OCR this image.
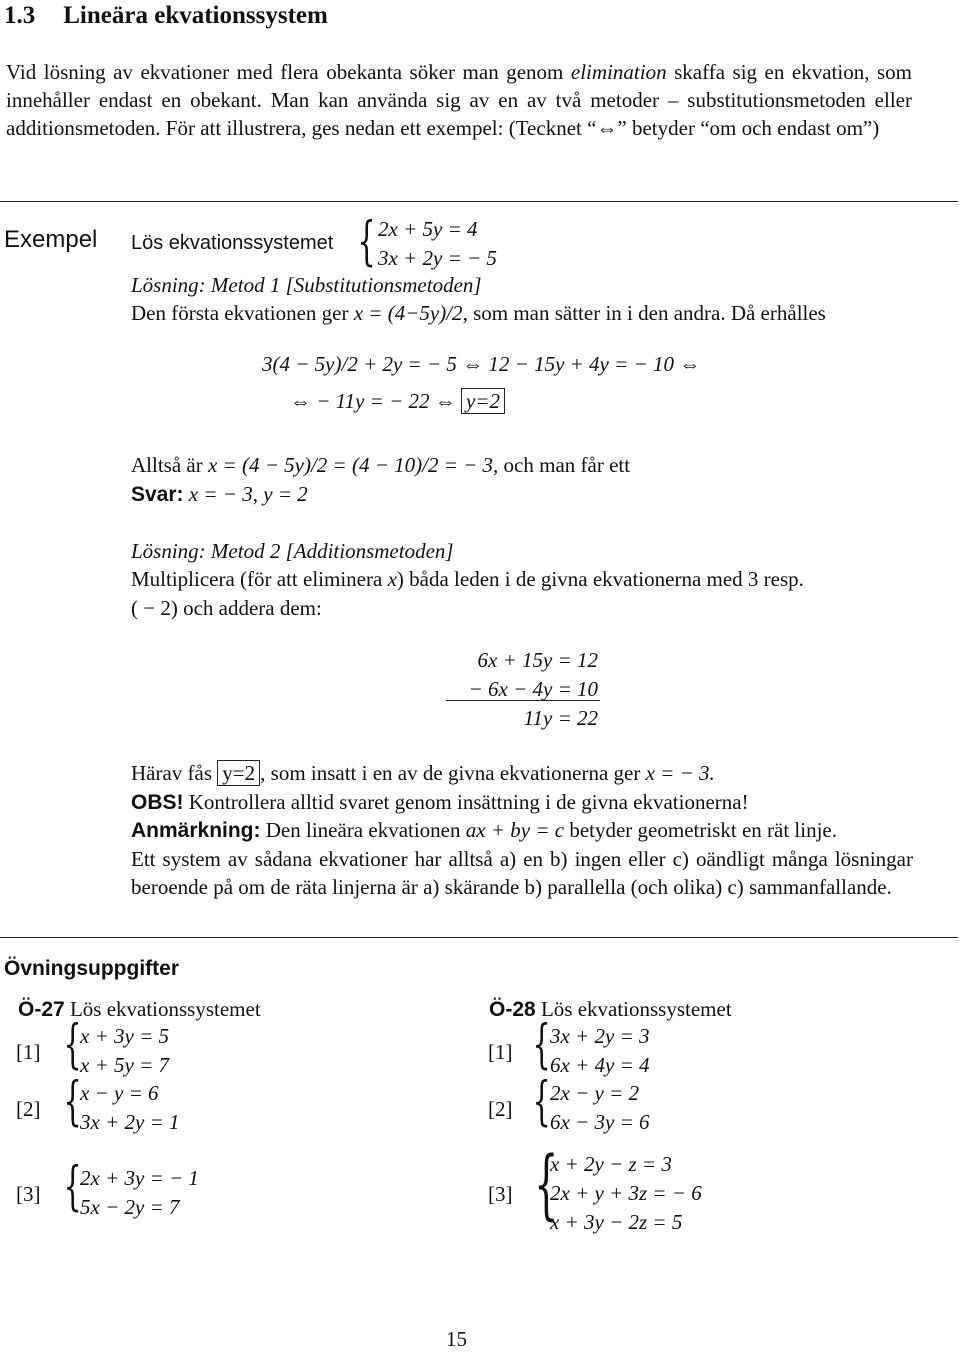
1.3 Lineära ekvationssystem

Vid lösning av ekvationer med flera obekanta söker man genom elimination skaffa sig en ekvation, som innehåller endast en obekant. Man kan använda sig av en av två metoder – substitutionsmetoden eller additionsmetoden. För att illustrera, ges nedan ett exempel: (Tecknet “⇔” betyder “om och endast om”)

Exempel Lös ekvationssystemet { 2x + 5y = 4
3x + 2y = − 5
Lösning: Metod 1 [Substitutionsmetoden]
Den första ekvationen ger x = (4−5y)/2, som man sätter in i den andra. Då erhålles
3(4 − 5y)/2 + 2y = − 5 ⇔ 12 − 15y + 4y = − 10 ⇔
⇔ − 11y = − 22 ⇔ y=2
Alltså är x = (4 − 5y)/2 = (4 − 10)/2 = − 3, och man får ett
Svar: x = − 3, y = 2
Lösning: Metod 2 [Additionsmetoden]
Multiplicera (för att eliminera x) båda leden i de givna ekvationerna med 3 resp.
( − 2) och addera dem:
6x + 15y = 12
− 6x − 4y = 10
11y = 22
Härav fås y=2 , som insatt i en av de givna ekvationerna ger x = − 3.
OBS! Kontrollera alltid svaret genom insättning i de givna ekvationerna!
Anmärkning: Den lineära ekvationen ax + by = c betyder geometriskt en rät linje.
Ett system av sådana ekvationer har alltså a) en b) ingen eller c) oändligt många lösningar beroende på om de räta linjerna är a) skärande b) parallella (och olika) c) sammanfallande.
Övningsuppgifter
Ö-27 Lös ekvationssystemet
[1] {
x + 3y = 5
x + 5y = 7
[2] {
x − y = 6
3x + 2y = 1
[3] {
2x + 3y = − 1
5x − 2y = 7
Ö-28 Lös ekvationssystemet
[1] { 3x + 2y = 3
6x + 4y = 4
[2] { 2x − y = 2
6x − 3y = 6
[3] {
x + 2y − z = 3
2x + y + 3z = − 6
x + 3y − 2z = 5
15
